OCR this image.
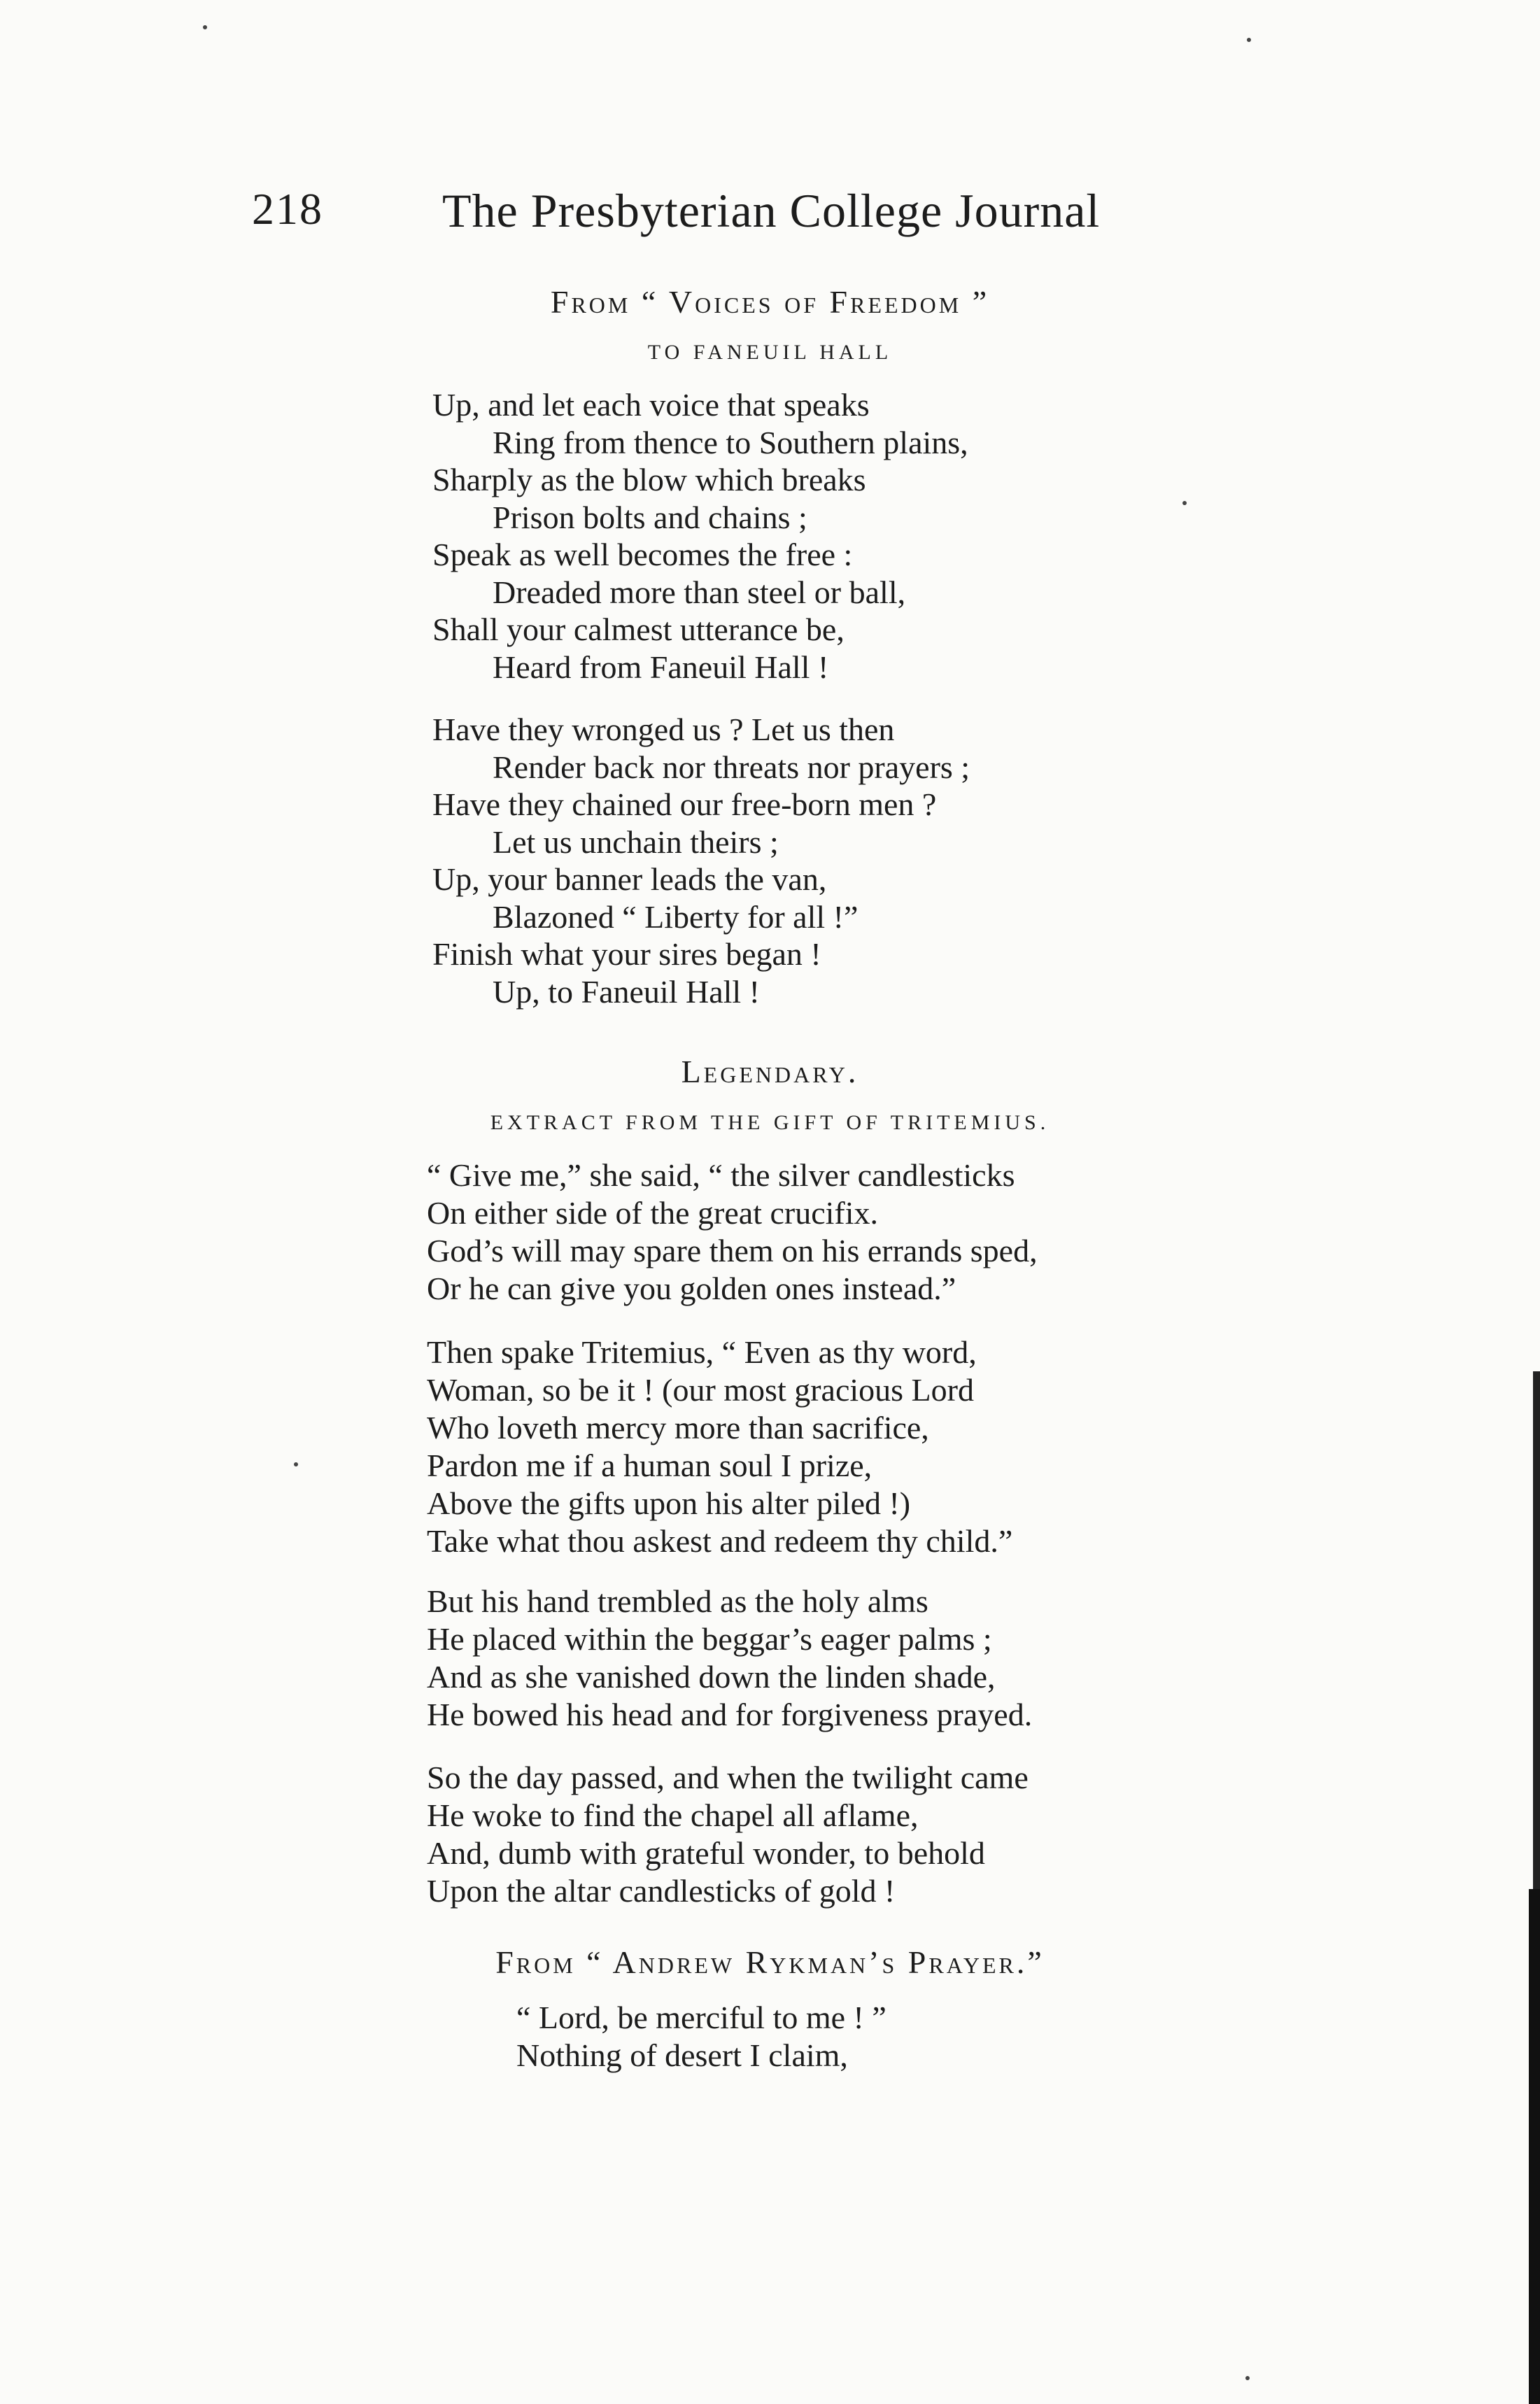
218	The Presbyterian College Journal
From “ Voices of Freedom ”
TO FANEUIL HALL
Up, and let each voice that speaks
Ring from thence to Southern plains,
Sharply as the blow which breaks
Prison bolts and chains ;
Speak as well becomes the free :
Dreaded more than steel or ball,
Shall your calmest utterance be,
Heard from Faneuil Hall !
Have they wronged us ? Let us then
Render back nor threats nor prayers ;
Have they chained our free-born men ?
Let us unchain theirs ;
Up, your banner leads the van,
Blazoned “ Liberty for all !”
Finish what your sires began !
Up, to Faneuil Hall !
Legendary.
EXTRACT FROM THE GIFT OF TRITEMIUS.
“ Give me,” she said, “ the silver candlesticks
On either side of the great crucifix.
God’s will may spare them on his errands sped,
Or he can give you golden ones instead.”
Then spake Tritemius, “ Even as thy word,
Woman, so be it ! (our most gracious Lord
Who loveth mercy more than sacrifice,
Pardon me if a human soul I prize,
Above the gifts upon his alter piled !)
Take what thou askest and redeem thy child.”
But his hand trembled as the holy alms
He placed within the beggar’s eager palms ;
And as she vanished down the linden shade,
He bowed his head and for forgiveness prayed.
So the day passed, and when the twilight came
He woke to find the chapel all aflame,
And, dumb with grateful wonder, to behold
Upon the altar candlesticks of gold !
From “ Andrew Rykman’s Prayer.”
“ Lord, be merciful to me ! ”
Nothing of desert I claim,
